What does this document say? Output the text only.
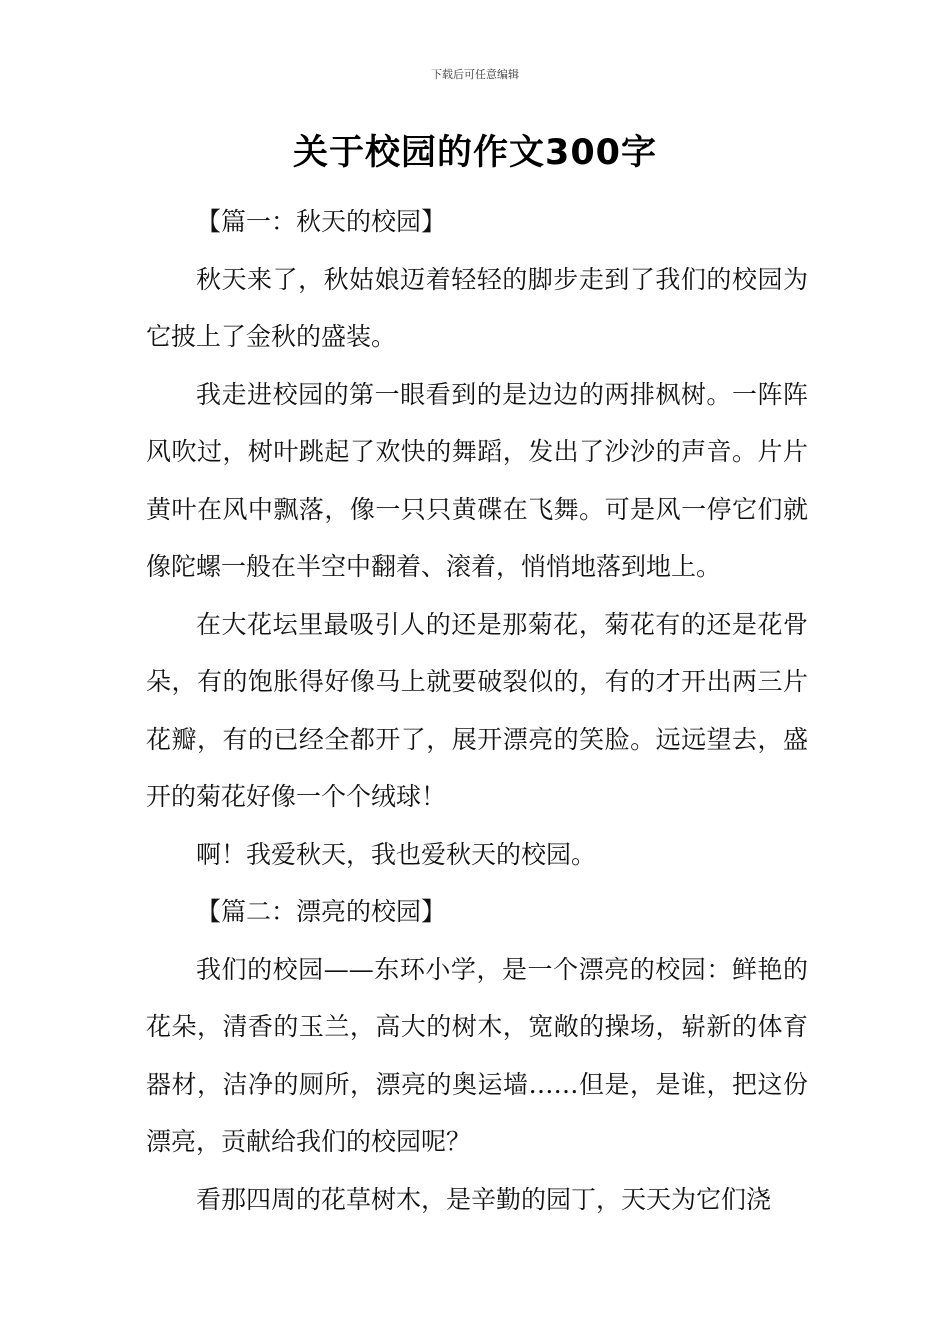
下载后可任意编辑
关于校园的作文300字

【篇一：秋天的校园】

秋天来了，秋姑娘迈着轻轻的脚步走到了我们的校园为它披上了金秋的盛装。

我走进校园的第一眼看到的是边边的两排枫树。一阵阵风吹过，树叶跳起了欢快的舞蹈，发出了沙沙的声音。片片黄叶在风中飘落，像一只只黄碟在飞舞。可是风一停它们就像陀螺一般在半空中翻着、滚着，悄悄地落到地上。

在大花坛里最吸引人的还是那菊花，菊花有的还是花骨朵，有的饱胀得好像马上就要破裂似的，有的才开出两三片花瓣，有的已经全都开了，展开漂亮的笑脸。远远望去，盛开的菊花好像一个个绒球！

啊！我爱秋天，我也爱秋天的校园。

【篇二：漂亮的校园】

我们的校园——东环小学，是一个漂亮的校园：鲜艳的花朵，清香的玉兰，高大的树木，宽敞的操场，崭新的体育器材，洁净的厕所，漂亮的奥运墙……但是，是谁，把这份漂亮，贡献给我们的校园呢？

看那四周的花草树木，是辛勤的园丁，天天为它们浇
